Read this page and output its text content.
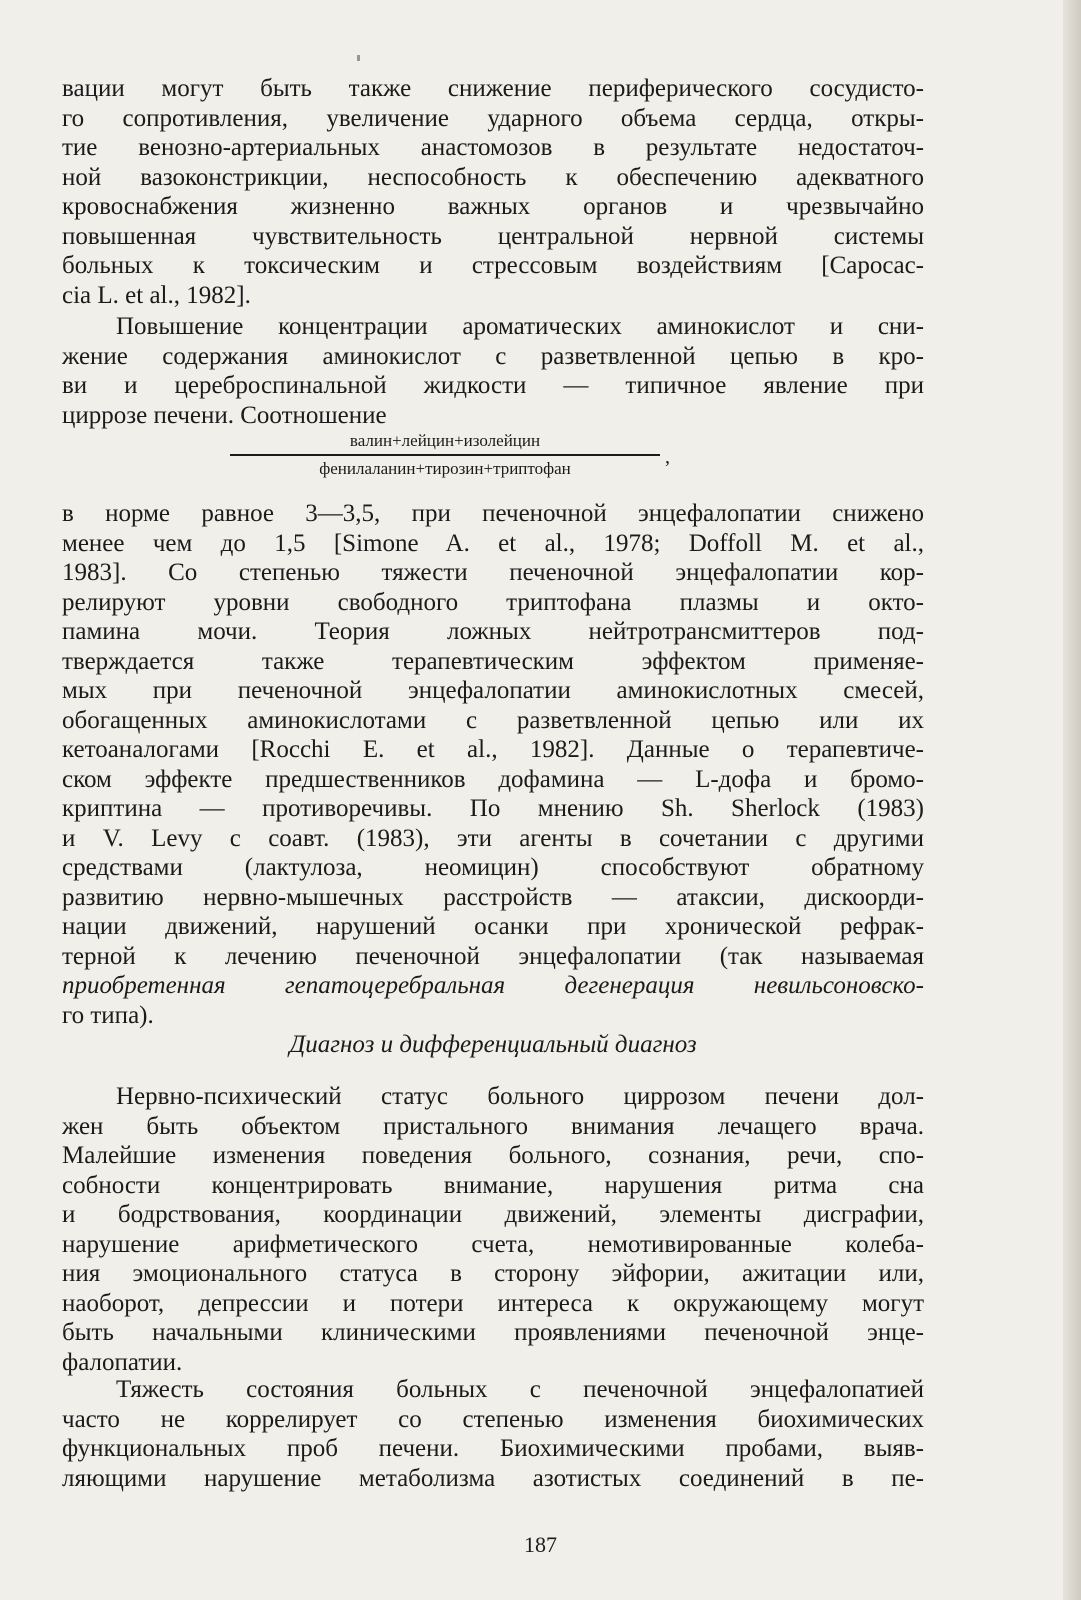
вации могут быть также снижение периферического сосудисто-
го сопротивления, увеличение ударного объема сердца, откры-
тие венозно-артериальных анастомозов в результате недостаточ-
ной вазоконстрикции, неспособность к обеспечению адекватного
кровоснабжения жизненно важных органов и чрезвычайно
повышенная чувствительность центральной нервной системы
больных к токсическим и стрессовым воздействиям [Capocac-
cia L. et al., 1982].
Повышение концентрации ароматических аминокислот и сни-
жение содержания аминокислот с разветвленной цепью в кро-
ви и цереброспинальной жидкости — типичное явление при
циррозе печени. Соотношение
валин+лейцин+изолейцин
,
фенилаланин+тирозин+триптофан
в норме равное 3—3,5, при печеночной энцефалопатии снижено
менее чем до 1,5 [Simone A. et al., 1978; Doffoll M. et al.,
1983]. Со степенью тяжести печеночной энцефалопатии кор-
релируют уровни свободного триптофана плазмы и окто-
памина мочи. Теория ложных нейтротрансмиттеров под-
тверждается также терапевтическим эффектом применяе-
мых при печеночной энцефалопатии аминокислотных смесей,
обогащенных аминокислотами с разветвленной цепью или их
кетоаналогами [Rocchi E. et al., 1982]. Данные о терапевтиче-
ском эффекте предшественников дофамина — L-дофа и бромо-
криптина — противоречивы. По мнению Sh. Sherlock (1983)
и V. Levy с соавт. (1983), эти агенты в сочетании с другими
средствами (лактулоза, неомицин) способствуют обратному
развитию нервно-мышечных расстройств — атаксии, дискоорди-
нации движений, нарушений осанки при хронической рефрак-
терной к лечению печеночной энцефалопатии (так называемая
приобретенная гепатоцеребральная дегенерация невильсоновско-
го типа).
Диагноз и дифференциальный диагноз
Нервно-психический статус больного циррозом печени дол-
жен быть объектом пристального внимания лечащего врача.
Малейшие изменения поведения больного, сознания, речи, спо-
собности концентрировать внимание, нарушения ритма сна
и бодрствования, координации движений, элементы дисграфии,
нарушение арифметического счета, немотивированные колеба-
ния эмоционального статуса в сторону эйфории, ажитации или,
наоборот, депрессии и потери интереса к окружающему могут
быть начальными клиническими проявлениями печеночной энце-
фалопатии.
Тяжесть состояния больных с печеночной энцефалопатией
часто не коррелирует со степенью изменения биохимических
функциональных проб печени. Биохимическими пробами, выяв-
ляющими нарушение метаболизма азотистых соединений в пе-
187
